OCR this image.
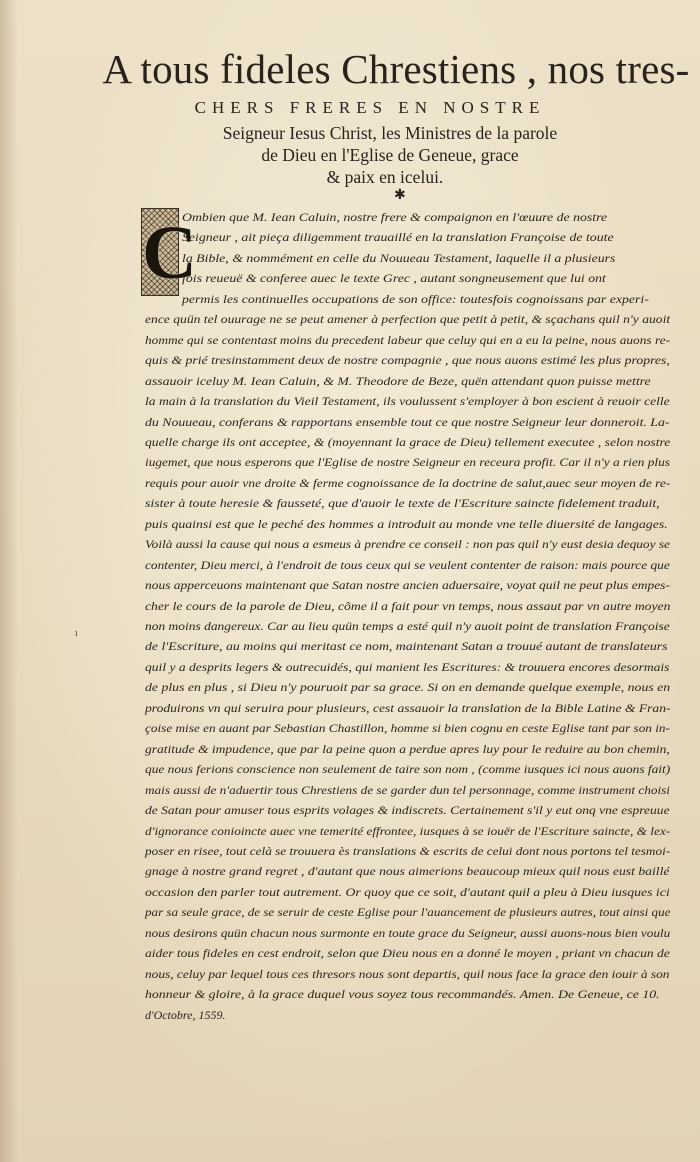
A tous fideles Chrestiens , nos tres-
CHERS FRERES EN NOSTRE
Seigneur Iesus Christ, les Ministres de la parole
de Dieu en l'Eglise de Geneue, grace
& paix en icelui.
✱
C
ı
Ombien que M. Iean Caluin, nostre frere & compaignon en l'œuure de nostre
Seigneur , ait pieça diligemment trauaillé en la translation Françoise de toute
la Bible, & nommément en celle du Nouueau Testament, laquelle il a plusieurs
fois reueuë & conferee auec le texte Grec , autant songneusement que lui ont
permis les continuelles occupations de son office: toutesfois cognoissans par experi-
ence quün tel ouurage ne se peut amener à perfection que petit à petit, & sçachans quil n'y auoit
homme qui se contentast moins du precedent labeur que celuy qui en a eu la peine, nous auons re-
quis & prié tresinstamment deux de nostre compagnie , que nous auons estimé les plus propres,
assauoir iceluy M. Iean Caluin, & M. Theodore de Beze, quën attendant quon puisse mettre
la main à la translation du Vieil Testament, ils voulussent s'employer à bon escient à reuoir celle
du Nouueau, conferans & rapportans ensemble tout ce que nostre Seigneur leur donneroit. La-
quelle charge ils ont acceptee, & (moyennant la grace de Dieu) tellement executee , selon nostre
iugemet, que nous esperons que l'Eglise de nostre Seigneur en receura profit. Car il n'y a rien plus
requis pour auoir vne droite & ferme cognoissance de la doctrine de salut,auec seur moyen de re-
sister à toute heresie & fausseté, que d'auoir le texte de l'Escriture saincte fidelement traduit,
puis quainsi est que le peché des hommes a introduit au monde vne telle diuersité de langages.
Voilà aussi la cause qui nous a esmeus à prendre ce conseil : non pas quil n'y eust desia dequoy se
contenter, Dieu merci, à l'endroit de tous ceux qui se veulent contenter de raison: mais pource que
nous apperceuons maintenant que Satan nostre ancien aduersaire, voyat quil ne peut plus empes-
cher le cours de la parole de Dieu, cõme il a fait pour vn temps, nous assaut par vn autre moyen
non moins dangereux. Car au lieu quün temps a esté quil n'y auoit point de translation Françoise
de l'Escriture, au moins qui meritast ce nom, maintenant Satan a trouué autant de translateurs
quil y a desprits legers & outrecuidés, qui manient les Escritures: & trouuera encores desormais
de plus en plus , si Dieu n'y pouruoit par sa grace. Si on en demande quelque exemple, nous en
produirons vn qui seruira pour plusieurs, cest assauoir la translation de la Bible Latine & Fran-
çoise mise en auant par Sebastian Chastillon, homme si bien cognu en ceste Eglise tant par son in-
gratitude & impudence, que par la peine quon a perdue apres luy pour le reduire au bon chemin,
que nous ferions conscience non seulement de taire son nom , (comme iusques ici nous auons fait)
mais aussi de n'aduertir tous Chrestiens de se garder dun tel personnage, comme instrument choisi
de Satan pour amuser tous esprits volages & indiscrets. Certainement s'il y eut onq vne espreuue
d'ignorance conioincte auec vne temerité effrontee, iusques à se iouër de l'Escriture saincte, & lex-
poser en risee, tout celà se trouuera ès translations & escrits de celui dont nous portons tel tesmoi-
gnage à nostre grand regret , d'autant que nous aimerions beaucoup mieux quil nous eust baillé
occasion den parler tout autrement. Or quoy que ce soit, d'autant quil a pleu à Dieu iusques ici
par sa seule grace, de se seruir de ceste Eglise pour l'auancement de plusieurs autres, tout ainsi que
nous desirons quün chacun nous surmonte en toute grace du Seigneur, aussi auons-nous bien voulu
aider tous fideles en cest endroit, selon que Dieu nous en a donné le moyen , priant vn chacun de
nous, celuy par lequel tous ces thresors nous sont departis, quil nous face la grace den iouir à son
honneur & gloire, à la grace duquel vous soyez tous recommandés. Amen. De Geneue, ce 10.
d'Octobre, 1559.
